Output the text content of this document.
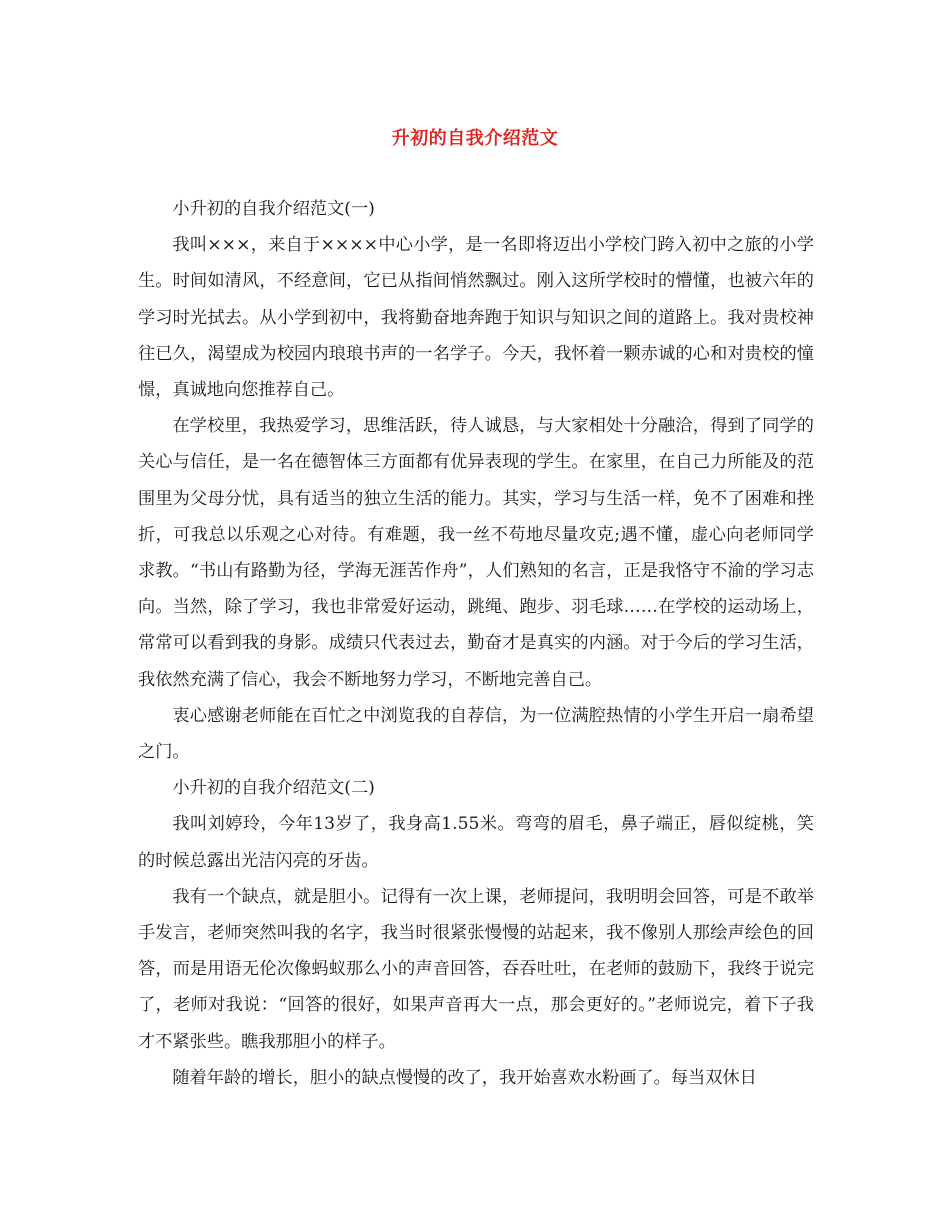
升初的自我介绍范文

小升初的自我介绍范文(一)

我叫×××，来自于××××中心小学，是一名即将迈出小学校门跨入初中之旅的小学生。时间如清风，不经意间，它已从指间悄然飘过。刚入这所学校时的懵懂，也被六年的学习时光拭去。从小学到初中，我将勤奋地奔跑于知识与知识之间的道路上。我对贵校神往已久，渴望成为校园内琅琅书声的一名学子。今天，我怀着一颗赤诚的心和对贵校的憧憬，真诚地向您推荐自己。

在学校里，我热爱学习，思维活跃，待人诚恳，与大家相处十分融洽，得到了同学的关心与信任，是一名在德智体三方面都有优异表现的学生。在家里，在自己力所能及的范围里为父母分忧，具有适当的独立生活的能力。其实，学习与生活一样，免不了困难和挫折，可我总以乐观之心对待。有难题，我一丝不苟地尽量攻克;遇不懂，虚心向老师同学求教。“书山有路勤为径，学海无涯苦作舟”，人们熟知的名言，正是我恪守不渝的学习志向。当然，除了学习，我也非常爱好运动，跳绳、跑步、羽毛球……在学校的运动场上，常常可以看到我的身影。成绩只代表过去，勤奋才是真实的内涵。对于今后的学习生活，我依然充满了信心，我会不断地努力学习，不断地完善自己。

衷心感谢老师能在百忙之中浏览我的自荐信，为一位满腔热情的小学生开启一扇希望之门。

小升初的自我介绍范文(二)

我叫刘婷玲，今年13岁了，我身高1.55米。弯弯的眉毛，鼻子端正，唇似绽桃，笑的时候总露出光洁闪亮的牙齿。

我有一个缺点，就是胆小。记得有一次上课，老师提问，我明明会回答，可是不敢举手发言，老师突然叫我的名字，我当时很紧张慢慢的站起来，我不像别人那绘声绘色的回答，而是用语无伦次像蚂蚁那么小的声音回答，吞吞吐吐，在老师的鼓励下，我终于说完了，老师对我说：“回答的很好，如果声音再大一点，那会更好的。”老师说完，着下子我才不紧张些。瞧我那胆小的样子。

随着年龄的增长，胆小的缺点慢慢的改了，我开始喜欢水粉画了。每当双休日
